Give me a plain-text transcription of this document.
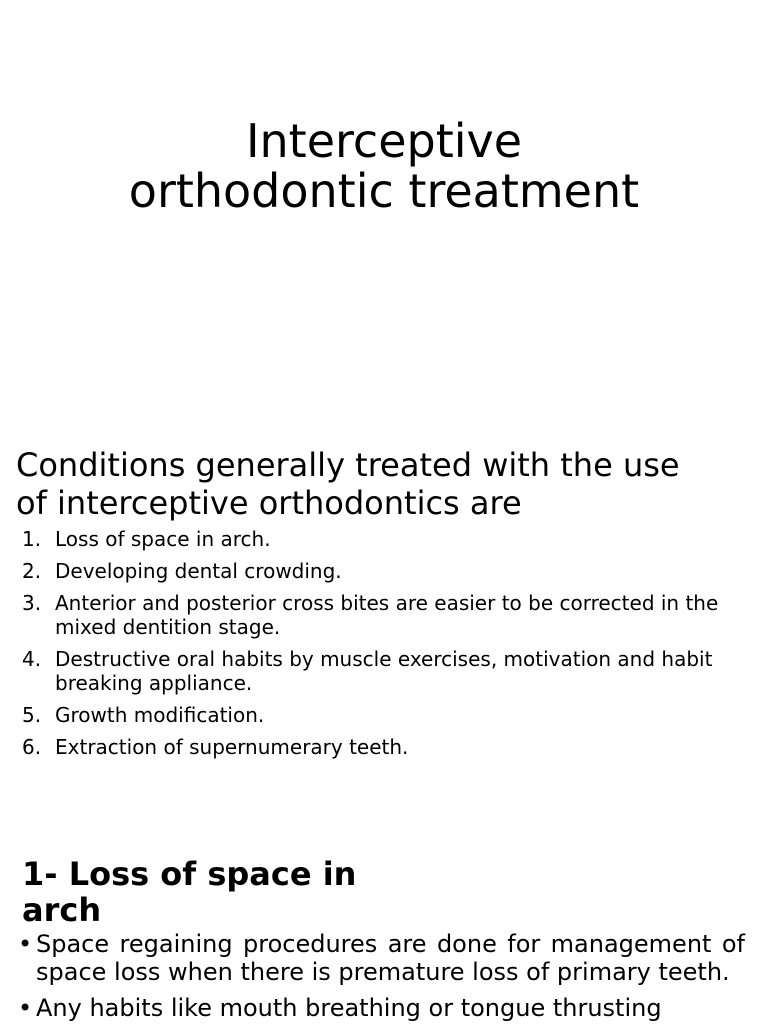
Interceptive
orthodontic treatment
Conditions generally treated with the use
of interceptive orthodontics are
1. Loss of space in arch.
2. Developing dental crowding.
3. Anterior and posterior cross bites are easier to be corrected in the mixed dentition stage.
4. Destructive oral habits by muscle exercises, motivation and habit breaking appliance.
5. Growth modification.
6. Extraction of supernumerary teeth.
1- Loss of space in
arch
• Space regaining procedures are done for management of space loss when there is premature loss of primary teeth.
• Any habits like mouth breathing or tongue thrusting
